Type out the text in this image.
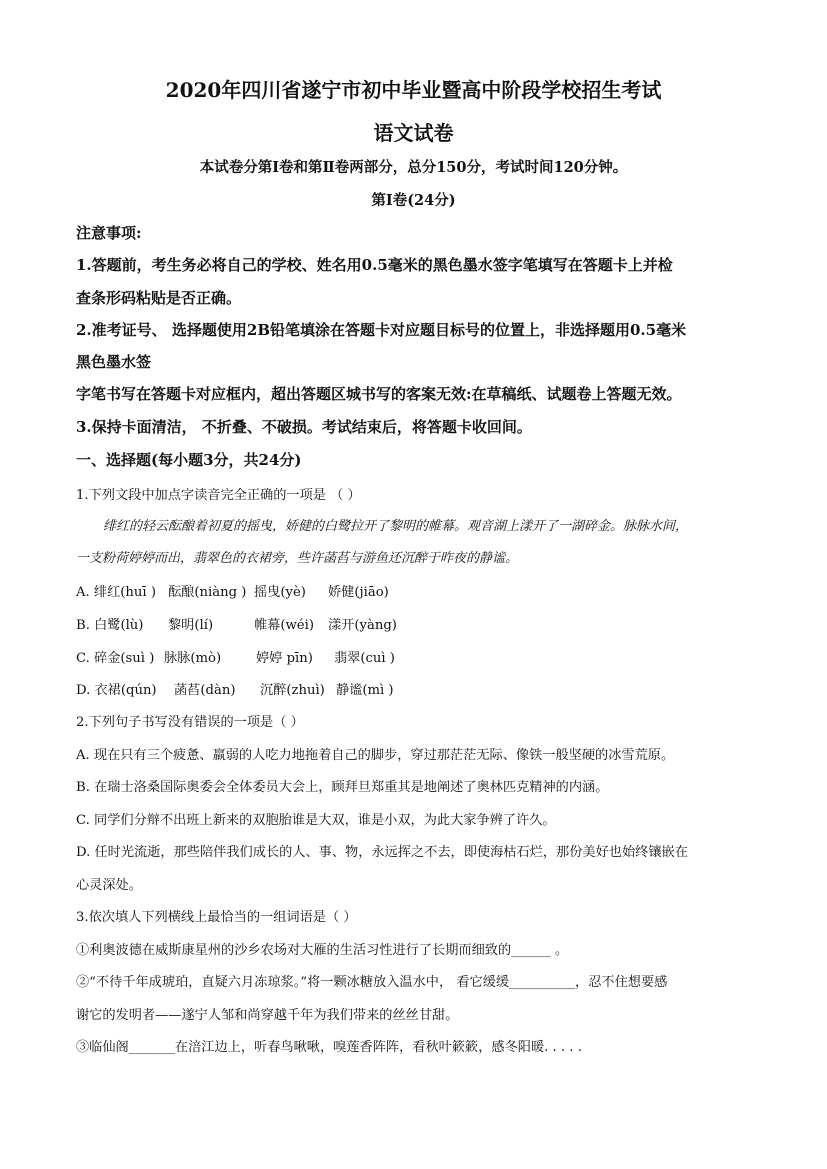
2020年四川省遂宁市初中毕业暨高中阶段学校招生考试
语文试卷
本试卷分第Ⅰ卷和第Ⅱ卷两部分，总分150分，考试时间120分钟。
第Ⅰ卷(24分)
注意事项:
1.答题前，考生务必将自己的学校、姓名用0.5毫米的黑色墨水签字笔填写在答题卡上并检
查条形码粘贴是否正确。
2.准考证号、 选择题使用2B铅笔填涂在答题卡对应题目标号的位置上，非选择题用0.5毫米
黑色墨水签
字笔书写在答题卡对应框内，超出答题区城书写的客案无效:在草稿纸、试题卷上答题无效。
3.保持卡面清洁， 不折叠、不破损。考试结束后，将答题卡收回间。
一、选择题(每小题3分，共24分)
1.下列文段中加点字读音完全正确的一项是 （ ）
绯红的轻云酝酿着初夏的摇曳，娇健的白鹭拉开了黎明的帷幕。观音湖上漾开了一湖碎金。脉脉水间，
一支粉荷婷婷而出，翡翠色的衣裙旁，些许菡萏与游鱼还沉醉于昨夜的静谧。
A. 绯红(huī ) 酝酿(niàng ) 摇曳(yè) 娇健(jiāo)
B. 白鹭(lù) 黎明(lí)	帷幕(wéi) 漾开(yàng)
C. 碎金(suì ) 脉脉(mò)	婷婷 pīn) 翡翠(cuì )
D. 衣裙(qún) 菡萏(dàn) 沉醉(zhuì) 静谧(mì )
2.下列句子书写没有错误的一项是（ ）
A. 现在只有三个疲惫、羸弱的人吃力地拖着自己的脚步，穿过那茫茫无际、像铁一般坚硬的冰雪荒原。
B. 在瑞士洛桑国际奥委会全体委员大会上，顾拜旦郑重其是地阐述了奥林匹克精神的内涵。
C. 同学们分辩不出班上新来的双胞胎谁是大双，谁是小双，为此大家争辨了许久。
D. 任时光流逝，那些陪伴我们成长的人、事、物，永远挥之不去，即使海枯石烂，那份美好也始终镶嵌在
心灵深处。
3.依次填人下列横线上最恰当的一组词语是（ ）
①利奥波德在威斯康星州的沙乡农场对大雁的生活习性进行了长期而细致的______ 。
②“不待千年成琥珀，直疑六月冻琼浆。”将一颗冰糖放入温水中， 看它缓缓__________，忍不住想要感
谢它的发明者——遂宁人邹和尚穿越千年为我们带来的丝丝甘甜。
③临仙阁_______在涪江边上，听春鸟啾啾，嗅莲香阵阵，看秋叶簌簌，感冬阳暖. . . . .
